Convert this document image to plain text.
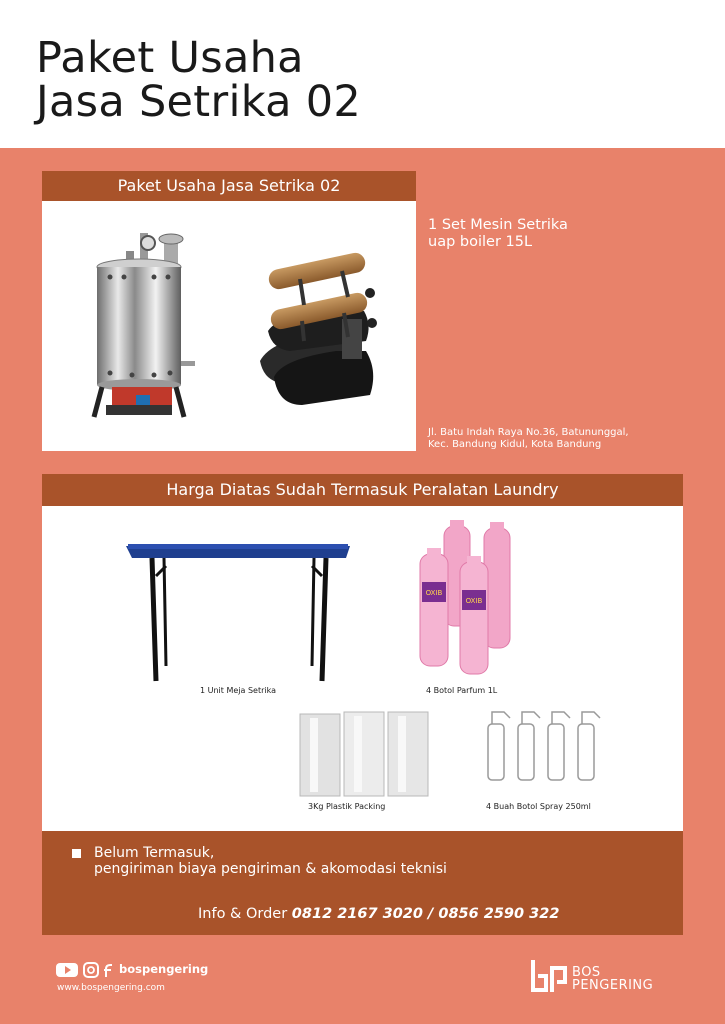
Paket Usaha
Jasa Setrika 02
Paket Usaha Jasa Setrika 02
1 Set Mesin Setrika
uap boiler 15L
Jl. Batu Indah Raya No.36, Batununggal,
Kec. Bandung Kidul, Kota Bandung
Harga Diatas Sudah Termasuk Peralatan Laundry
OXIB
OXIB
1 Unit Meja Setrika	4 Botol Parfum 1L
3Kg Plastik Packing	4 Buah Botol Spray 250ml
Belum Termasuk,
pengiriman biaya pengiriman & akomodasi teknisi
Info & Order 0812 2167 3020 / 0856 2590 322
bospengering
www.bospengering.com
BOS
PENGERING
